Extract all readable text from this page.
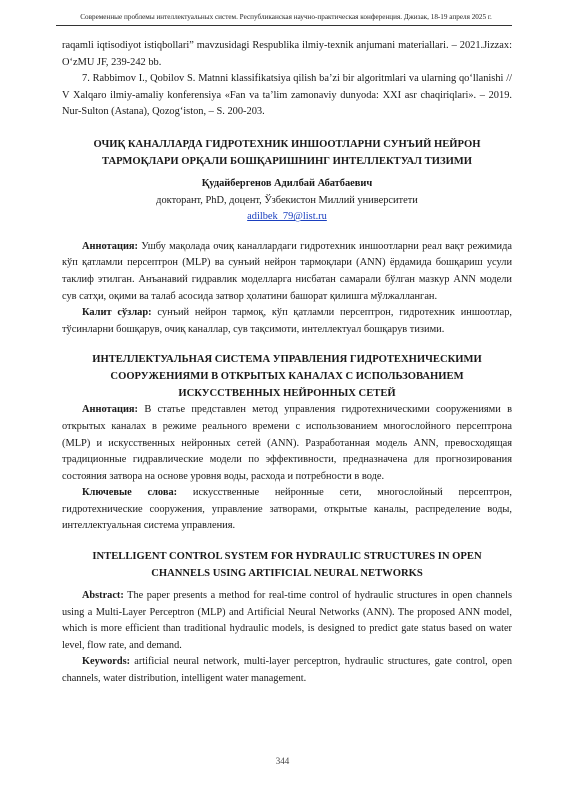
Современные проблемы интеллектуальных систем. Республиканская научно-практическая конференция. Джизак, 18-19 апреля 2025 г.

raqamli iqtisodiyot istiqbollari” mavzusidagi Respublika ilmiy-texnik anjumani materiallari. – 2021.Jizzax: O‘zMU JF, 239-242 bb.

7. Rabbimov I., Qobilov S. Matnni klassifikatsiya qilish ba’zi bir algoritmlari va ularning qo‘llanishi // V Xalqaro ilmiy-amaliy konferensiya «Fan va ta’lim zamonaviy dunyoda: XXI asr chaqiriqlari». – 2019. Nur-Sulton (Astana), Qozog‘iston, – S. 200-203.

ОЧИҚ КАНАЛЛАРДА ГИДРОТЕХНИК ИНШООТЛАРНИ СУНЪИЙ НЕЙРОН ТАРМОҚЛАРИ ОРҚАЛИ БОШҚАРИШНИНГ ИНТЕЛЛЕКТУАЛ ТИЗИМИ

Қудайбергенов Адилбай Абатбаевич

докторант, PhD, доцент, Ўзбекистон Миллий университети

adilbek_79@list.ru

Аннотация: Ушбу мақолада очиқ каналлардаги гидротехник иншоотларни реал вақт режимида кўп қатламли персептрон (MLP) ва сунъий нейрон тармоқлари (ANN) ёрдамида бошқариш усули таклиф этилган. Анъанавий гидравлик моделларга нисбатан самарали бўлган мазкур ANN модели сув сатҳи, оқими ва талаб асосида затвор ҳолатини башорат қилишга мўлжалланган.

Калит сўзлар: сунъий нейрон тармоқ, кўп қатламли персептрон, гидротехник иншоотлар, тўсинларни бошқарув, очиқ каналлар, сув тақсимоти, интеллектуал бошқарув тизими.

ИНТЕЛЛЕКТУАЛЬНАЯ СИСТЕМА УПРАВЛЕНИЯ ГИДРОТЕХНИЧЕСКИМИ СООРУЖЕНИЯМИ В ОТКРЫТЫХ КАНАЛАХ С ИСПОЛЬЗОВАНИЕМ ИСКУССТВЕННЫХ НЕЙРОННЫХ СЕТЕЙ

Аннотация: В статье представлен метод управления гидротехническими сооружениями в открытых каналах в режиме реального времени с использованием многослойного персептрона (MLP) и искусственных нейронных сетей (ANN). Разработанная модель ANN, превосходящая традиционные гидравлические модели по эффективности, предназначена для прогнозирования состояния затвора на основе уровня воды, расхода и потребности в воде.

Ключевые слова: искусственные нейронные сети, многослойный персептрон, гидротехнические сооружения, управление затворами, открытые каналы, распределение воды, интеллектуальная система управления.

INTELLIGENT CONTROL SYSTEM FOR HYDRAULIC STRUCTURES IN OPEN CHANNELS USING ARTIFICIAL NEURAL NETWORKS

Abstract: The paper presents a method for real-time control of hydraulic structures in open channels using a Multi-Layer Perceptron (MLP) and Artificial Neural Networks (ANN). The proposed ANN model, which is more efficient than traditional hydraulic models, is designed to predict gate status based on water level, flow rate, and demand.

Keywords: artificial neural network, multi-layer perceptron, hydraulic structures, gate control, open channels, water distribution, intelligent water management.

344
